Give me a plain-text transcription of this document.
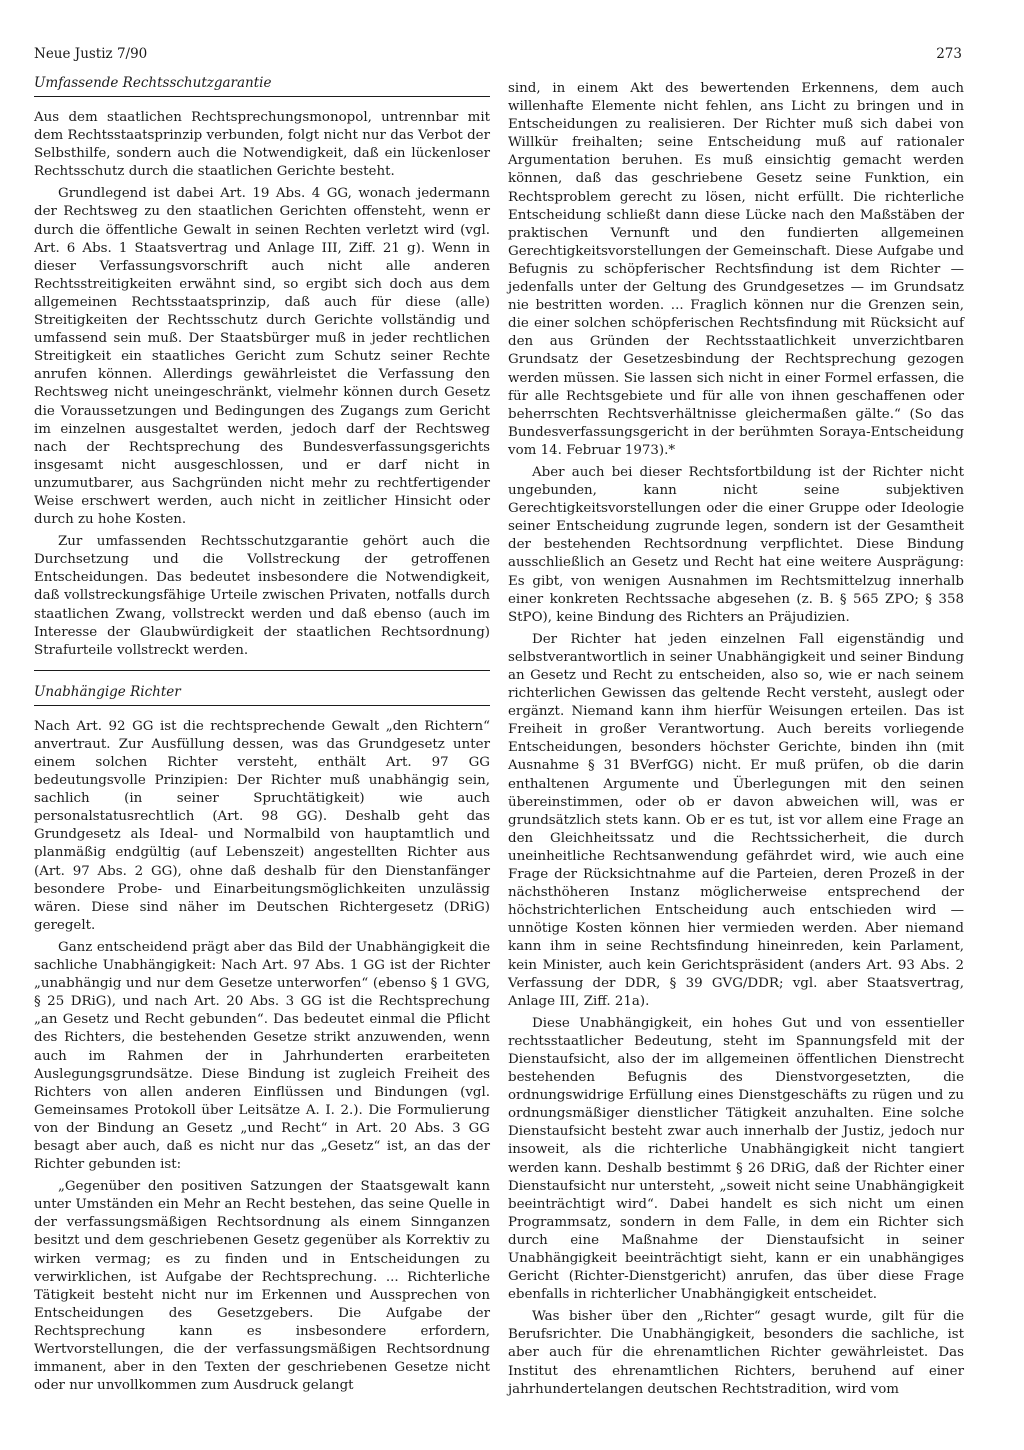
Neue Justiz 7/90	273
Umfassende Rechtsschutzgarantie

Aus dem staatlichen Rechtsprechungsmonopol, untrennbar mit dem Rechtsstaatsprinzip verbunden, folgt nicht nur das Verbot der Selbsthilfe, sondern auch die Notwendigkeit, daß ein lückenloser Rechtsschutz durch die staatlichen Gerichte besteht.

Grundlegend ist dabei Art. 19 Abs. 4 GG, wonach jedermann der Rechtsweg zu den staatlichen Gerichten offensteht, wenn er durch die öffentliche Gewalt in seinen Rechten verletzt wird (vgl. Art. 6 Abs. 1 Staatsvertrag und Anlage III, Ziff. 21 g). Wenn in dieser Verfassungsvorschrift auch nicht alle anderen Rechtsstreitigkeiten erwähnt sind, so ergibt sich doch aus dem allgemeinen Rechtsstaatsprinzip, daß auch für diese (alle) Streitigkeiten der Rechtsschutz durch Gerichte vollständig und umfassend sein muß. Der Staatsbürger muß in jeder rechtlichen Streitigkeit ein staatliches Gericht zum Schutz seiner Rechte anrufen können. Allerdings gewährleistet die Verfassung den Rechtsweg nicht uneingeschränkt, vielmehr können durch Gesetz die Voraussetzungen und Bedingungen des Zugangs zum Gericht im einzelnen ausgestaltet werden, jedoch darf der Rechtsweg nach der Rechtsprechung des Bundesverfassungsgerichts insgesamt nicht ausgeschlossen, und er darf nicht in unzumutbarer, aus Sachgründen nicht mehr zu rechtfertigender Weise erschwert werden, auch nicht in zeitlicher Hinsicht oder durch zu hohe Kosten.

Zur umfassenden Rechtsschutzgarantie gehört auch die Durchsetzung und die Vollstreckung der getroffenen Entscheidungen. Das bedeutet insbesondere die Notwendigkeit, daß vollstreckungsfähige Urteile zwischen Privaten, notfalls durch staatlichen Zwang, vollstreckt werden und daß ebenso (auch im Interesse der Glaubwürdigkeit der staatlichen Rechtsordnung) Strafurteile vollstreckt werden.

Unabhängige Richter

Nach Art. 92 GG ist die rechtsprechende Gewalt „den Richtern“ anvertraut. Zur Ausfüllung dessen, was das Grundgesetz unter einem solchen Richter versteht, enthält Art. 97 GG bedeutungsvolle Prinzipien: Der Richter muß unabhängig sein, sachlich (in seiner Spruchtätigkeit) wie auch personalstatusrechtlich (Art. 98 GG). Deshalb geht das Grundgesetz als Ideal- und Normalbild von hauptamtlich und planmäßig endgültig (auf Lebenszeit) angestellten Richter aus (Art. 97 Abs. 2 GG), ohne daß deshalb für den Dienstanfänger besondere Probe- und Einarbeitungsmöglichkeiten unzulässig wären. Diese sind näher im Deutschen Richtergesetz (DRiG) geregelt.

Ganz entscheidend prägt aber das Bild der Unabhängigkeit die sachliche Unabhängigkeit: Nach Art. 97 Abs. 1 GG ist der Richter „unabhängig und nur dem Gesetze unterworfen“ (ebenso § 1 GVG, § 25 DRiG), und nach Art. 20 Abs. 3 GG ist die Rechtsprechung „an Gesetz und Recht gebunden“. Das bedeutet einmal die Pflicht des Richters, die bestehenden Gesetze strikt anzuwenden, wenn auch im Rahmen der in Jahrhunderten erarbeiteten Auslegungsgrundsätze. Diese Bindung ist zugleich Freiheit des Richters von allen anderen Einflüssen und Bindungen (vgl. Gemeinsames Protokoll über Leitsätze A. I. 2.). Die Formulierung von der Bindung an Gesetz „und Recht“ in Art. 20 Abs. 3 GG besagt aber auch, daß es nicht nur das „Gesetz“ ist, an das der Richter gebunden ist:

„Gegenüber den positiven Satzungen der Staatsgewalt kann unter Umständen ein Mehr an Recht bestehen, das seine Quelle in der verfassungsmäßigen Rechtsordnung als einem Sinnganzen besitzt und dem geschriebenen Gesetz gegenüber als Korrektiv zu wirken vermag; es zu finden und in Entscheidungen zu verwirklichen, ist Aufgabe der Rechtsprechung. ... Richterliche Tätigkeit besteht nicht nur im Erkennen und Aussprechen von Entscheidungen des Gesetzgebers. Die Aufgabe der Rechtsprechung kann es insbesondere erfordern, Wertvorstellungen, die der verfassungsmäßigen Rechtsordnung immanent, aber in den Texten der geschriebenen Gesetze nicht oder nur unvollkommen zum Ausdruck gelangt

sind, in einem Akt des bewertenden Erkennens, dem auch willenhafte Elemente nicht fehlen, ans Licht zu bringen und in Entscheidungen zu realisieren. Der Richter muß sich dabei von Willkür freihalten; seine Entscheidung muß auf rationaler Argumentation beruhen. Es muß einsichtig gemacht werden können, daß das geschriebene Gesetz seine Funktion, ein Rechtsproblem gerecht zu lösen, nicht erfüllt. Die richterliche Entscheidung schließt dann diese Lücke nach den Maßstäben der praktischen Vernunft und den fundierten allgemeinen Gerechtigkeitsvorstellungen der Gemeinschaft. Diese Aufgabe und Befugnis zu schöpferischer Rechtsfindung ist dem Richter — jedenfalls unter der Geltung des Grundgesetzes — im Grundsatz nie bestritten worden. ... Fraglich können nur die Grenzen sein, die einer solchen schöpferischen Rechtsfindung mit Rücksicht auf den aus Gründen der Rechtsstaatlichkeit unverzichtbaren Grundsatz der Gesetzesbindung der Rechtsprechung gezogen werden müssen. Sie lassen sich nicht in einer Formel erfassen, die für alle Rechtsgebiete und für alle von ihnen geschaffenen oder beherrschten Rechtsverhältnisse gleichermaßen gälte.“ (So das Bundesverfassungsgericht in der berühmten Soraya-Entscheidung vom 14. Februar 1973).*

Aber auch bei dieser Rechtsfortbildung ist der Richter nicht ungebunden, kann nicht seine subjektiven Gerechtigkeitsvorstellungen oder die einer Gruppe oder Ideologie seiner Entscheidung zugrunde legen, sondern ist der Gesamtheit der bestehenden Rechtsordnung verpflichtet. Diese Bindung ausschließlich an Gesetz und Recht hat eine weitere Ausprägung: Es gibt, von wenigen Ausnahmen im Rechtsmittelzug innerhalb einer konkreten Rechtssache abgesehen (z. B. § 565 ZPO; § 358 StPO), keine Bindung des Richters an Präjudizien.

Der Richter hat jeden einzelnen Fall eigenständig und selbstverantwortlich in seiner Unabhängigkeit und seiner Bindung an Gesetz und Recht zu entscheiden, also so, wie er nach seinem richterlichen Gewissen das geltende Recht versteht, auslegt oder ergänzt. Niemand kann ihm hierfür Weisungen erteilen. Das ist Freiheit in großer Verantwortung. Auch bereits vorliegende Entscheidungen, besonders höchster Gerichte, binden ihn (mit Ausnahme § 31 BVerfGG) nicht. Er muß prüfen, ob die darin enthaltenen Argumente und Überlegungen mit den seinen übereinstimmen, oder ob er davon abweichen will, was er grundsätzlich stets kann. Ob er es tut, ist vor allem eine Frage an den Gleichheitssatz und die Rechtssicherheit, die durch uneinheitliche Rechtsanwendung gefährdet wird, wie auch eine Frage der Rücksichtnahme auf die Parteien, deren Prozeß in der nächsthöheren Instanz möglicherweise entsprechend der höchstrichterlichen Entscheidung auch entschieden wird — unnötige Kosten können hier vermieden werden. Aber niemand kann ihm in seine Rechtsfindung hineinreden, kein Parlament, kein Minister, auch kein Gerichtspräsident (anders Art. 93 Abs. 2 Verfassung der DDR, § 39 GVG/DDR; vgl. aber Staatsvertrag, Anlage III, Ziff. 21a).

Diese Unabhängigkeit, ein hohes Gut und von essentieller rechtsstaatlicher Bedeutung, steht im Spannungsfeld mit der Dienstaufsicht, also der im allgemeinen öffentlichen Dienstrecht bestehenden Befugnis des Dienstvorgesetzten, die ordnungswidrige Erfüllung eines Dienstgeschäfts zu rügen und zu ordnungsmäßiger dienstlicher Tätigkeit anzuhalten. Eine solche Dienstaufsicht besteht zwar auch innerhalb der Justiz, jedoch nur insoweit, als die richterliche Unabhängigkeit nicht tangiert werden kann. Deshalb bestimmt § 26 DRiG, daß der Richter einer Dienstaufsicht nur untersteht, „soweit nicht seine Unabhängigkeit beeinträchtigt wird“. Dabei handelt es sich nicht um einen Programmsatz, sondern in dem Falle, in dem ein Richter sich durch eine Maßnahme der Dienstaufsicht in seiner Unabhängigkeit beeinträchtigt sieht, kann er ein unabhängiges Gericht (Richter-Dienstgericht) anrufen, das über diese Frage ebenfalls in richterlicher Unabhängigkeit entscheidet.

Was bisher über den „Richter“ gesagt wurde, gilt für die Berufsrichter. Die Unabhängigkeit, besonders die sachliche, ist aber auch für die ehrenamtlichen Richter gewährleistet. Das Institut des ehrenamtlichen Richters, beruhend auf einer jahrhundertelangen deutschen Rechtstradition, wird vom
